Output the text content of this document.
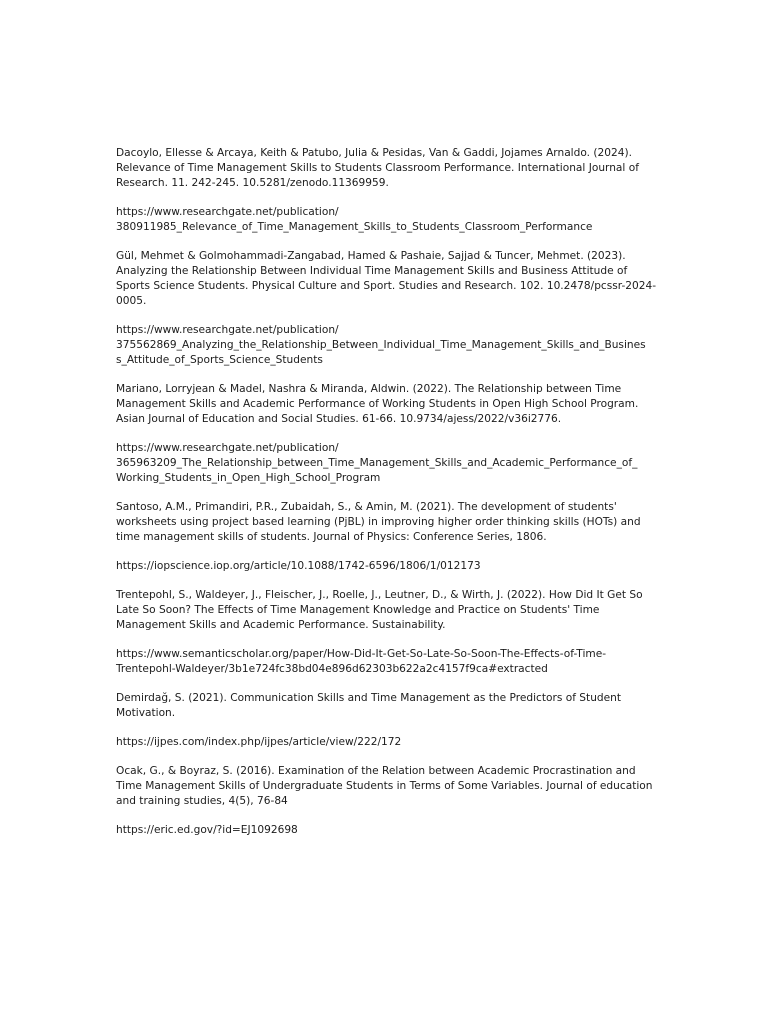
Dacoylo, Ellesse & Arcaya, Keith & Patubo, Julia & Pesidas, Van & Gaddi, Jojames Arnaldo. (2024).
Relevance of Time Management Skills to Students Classroom Performance. International Journal of
Research. 11. 242-245. 10.5281/zenodo.11369959.
https://www.researchgate.net/publication/
380911985_Relevance_of_Time_Management_Skills_to_Students_Classroom_Performance
Gül, Mehmet & Golmohammadi-Zangabad, Hamed & Pashaie, Sajjad & Tuncer, Mehmet. (2023).
Analyzing the Relationship Between Individual Time Management Skills and Business Attitude of
Sports Science Students. Physical Culture and Sport. Studies and Research. 102. 10.2478/pcssr-2024-
0005.
https://www.researchgate.net/publication/
375562869_Analyzing_the_Relationship_Between_Individual_Time_Management_Skills_and_Busines
s_Attitude_of_Sports_Science_Students
Mariano, Lorryjean & Madel, Nashra & Miranda, Aldwin. (2022). The Relationship between Time
Management Skills and Academic Performance of Working Students in Open High School Program.
Asian Journal of Education and Social Studies. 61-66. 10.9734/ajess/2022/v36i2776.
https://www.researchgate.net/publication/
365963209_The_Relationship_between_Time_Management_Skills_and_Academic_Performance_of_
Working_Students_in_Open_High_School_Program
Santoso, A.M., Primandiri, P.R., Zubaidah, S., & Amin, M. (2021). The development of students'
worksheets using project based learning (PjBL) in improving higher order thinking skills (HOTs) and
time management skills of students. Journal of Physics: Conference Series, 1806.
https://iopscience.iop.org/article/10.1088/1742-6596/1806/1/012173
Trentepohl, S., Waldeyer, J., Fleischer, J., Roelle, J., Leutner, D., & Wirth, J. (2022). How Did It Get So
Late So Soon? The Effects of Time Management Knowledge and Practice on Students' Time
Management Skills and Academic Performance. Sustainability.
https://www.semanticscholar.org/paper/How-Did-It-Get-So-Late-So-Soon-The-Effects-of-Time-
Trentepohl-Waldeyer/3b1e724fc38bd04e896d62303b622a2c4157f9ca#extracted
Demirdağ, S. (2021). Communication Skills and Time Management as the Predictors of Student
Motivation.
https://ijpes.com/index.php/ijpes/article/view/222/172
Ocak, G., & Boyraz, S. (2016). Examination of the Relation between Academic Procrastination and
Time Management Skills of Undergraduate Students in Terms of Some Variables. Journal of education
and training studies, 4(5), 76-84
https://eric.ed.gov/?id=EJ1092698
